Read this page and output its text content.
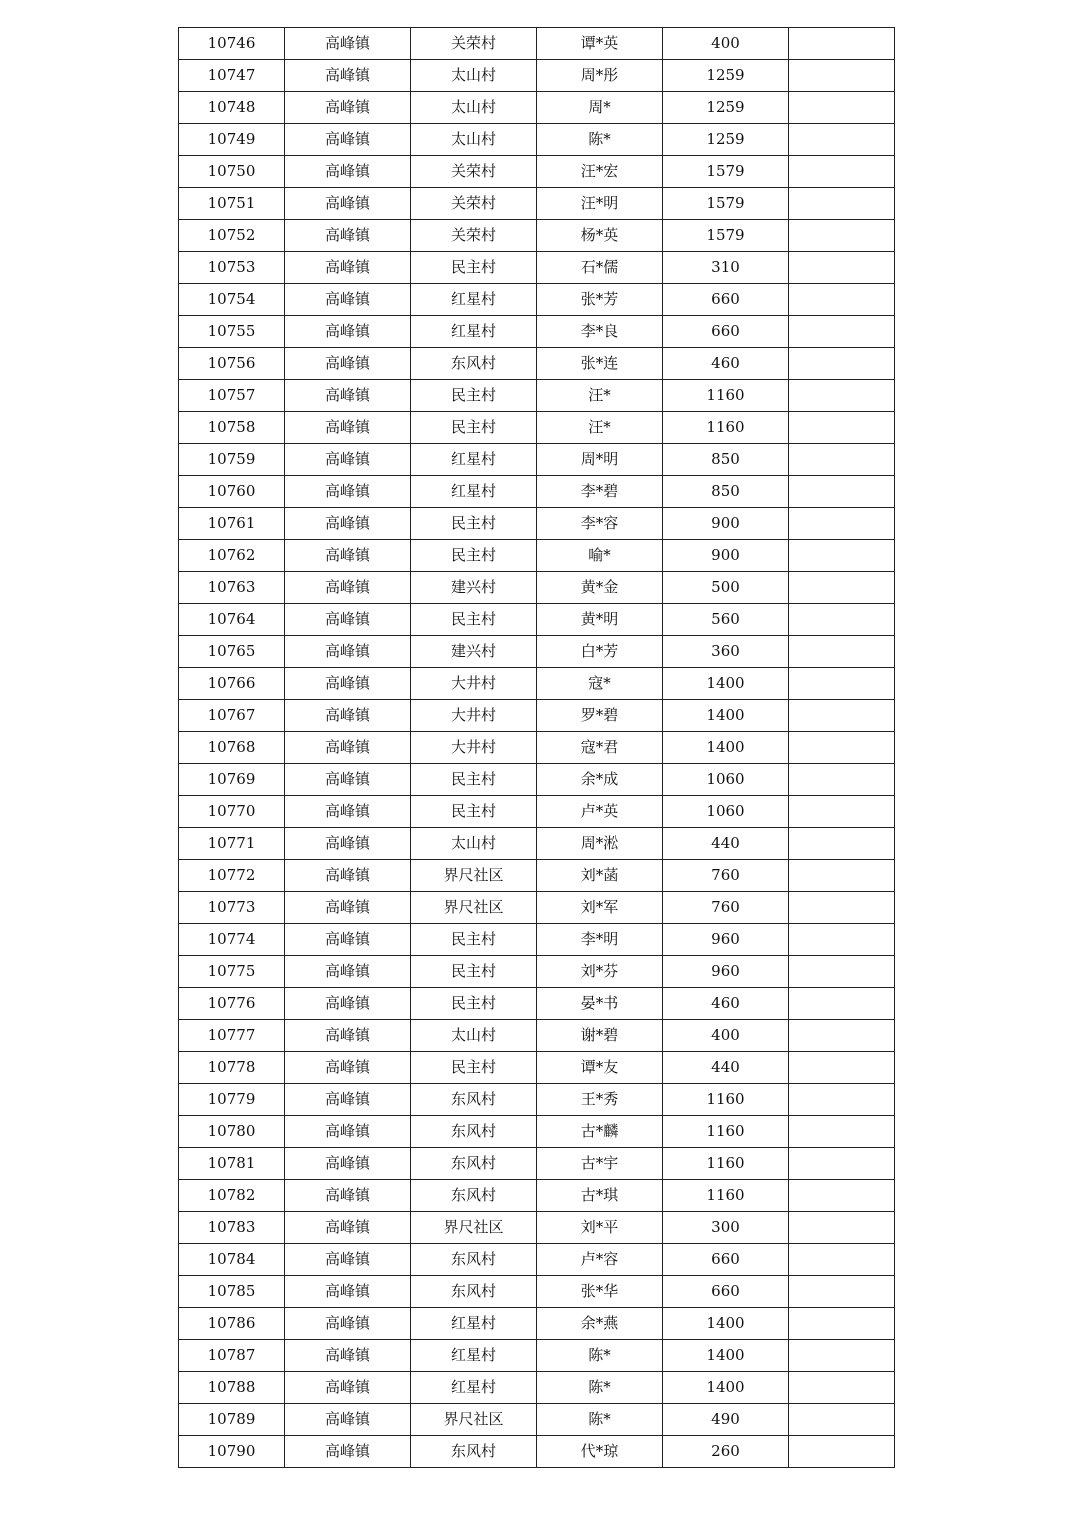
10746	高峰镇	关荣村	谭*英	400	
10747	高峰镇	太山村	周*彤	1259	
10748	高峰镇	太山村	周*	1259	
10749	高峰镇	太山村	陈*	1259	
10750	高峰镇	关荣村	汪*宏	1579	
10751	高峰镇	关荣村	汪*明	1579	
10752	高峰镇	关荣村	杨*英	1579	
10753	高峰镇	民主村	石*儒	310	
10754	高峰镇	红星村	张*芳	660	
10755	高峰镇	红星村	李*良	660	
10756	高峰镇	东风村	张*连	460	
10757	高峰镇	民主村	汪*	1160	
10758	高峰镇	民主村	汪*	1160	
10759	高峰镇	红星村	周*明	850	
10760	高峰镇	红星村	李*碧	850	
10761	高峰镇	民主村	李*容	900	
10762	高峰镇	民主村	喻*	900	
10763	高峰镇	建兴村	黄*金	500	
10764	高峰镇	民主村	黄*明	560	
10765	高峰镇	建兴村	白*芳	360	
10766	高峰镇	大井村	寇*	1400	
10767	高峰镇	大井村	罗*碧	1400	
10768	高峰镇	大井村	寇*君	1400	
10769	高峰镇	民主村	余*成	1060	
10770	高峰镇	民主村	卢*英	1060	
10771	高峰镇	太山村	周*淞	440	
10772	高峰镇	界尺社区	刘*菡	760	
10773	高峰镇	界尺社区	刘*军	760	
10774	高峰镇	民主村	李*明	960	
10775	高峰镇	民主村	刘*芬	960	
10776	高峰镇	民主村	晏*书	460	
10777	高峰镇	太山村	谢*碧	400	
10778	高峰镇	民主村	谭*友	440	
10779	高峰镇	东风村	王*秀	1160	
10780	高峰镇	东风村	古*麟	1160	
10781	高峰镇	东风村	古*宇	1160	
10782	高峰镇	东风村	古*琪	1160	
10783	高峰镇	界尺社区	刘*平	300	
10784	高峰镇	东风村	卢*容	660	
10785	高峰镇	东风村	张*华	660	
10786	高峰镇	红星村	余*燕	1400	
10787	高峰镇	红星村	陈*	1400	
10788	高峰镇	红星村	陈*	1400	
10789	高峰镇	界尺社区	陈*	490	
10790	高峰镇	东风村	代*琼	260	
